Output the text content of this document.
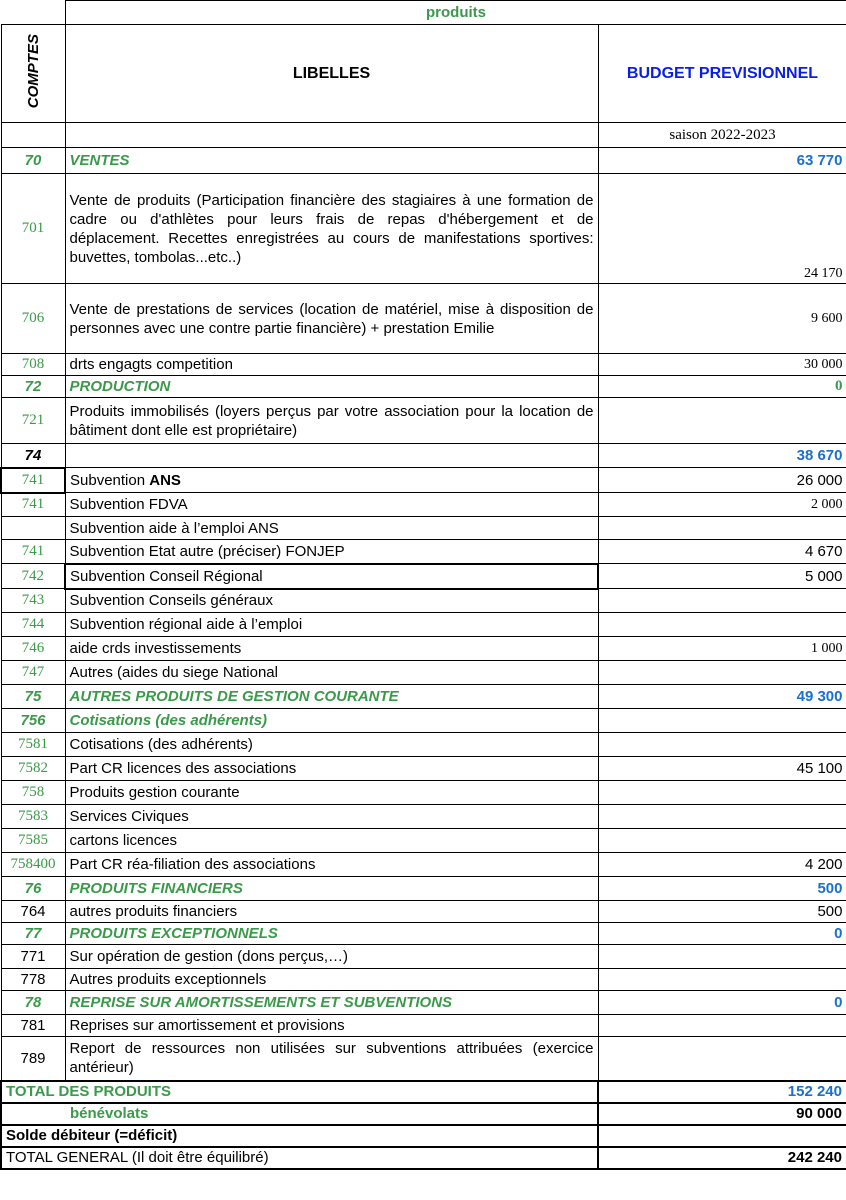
	produits	
COMPTES	LIBELLES	BUDGET PREVISIONNEL
		saison 2022-2023
70	VENTES	63 770
701	Vente de produits (Participation financière des stagiaires à une formation de cadre ou d'athlètes pour leurs frais de repas d'hébergement et de déplacement. Recettes enregistrées au cours de manifestations sportives: buvettes, tombolas...etc..)	24 170
706	Vente de prestations de services (location de matériel, mise à disposition de personnes avec une contre partie financière) + prestation Emilie	9 600
708	drts engagts competition	30 000
72	PRODUCTION	0
721	Produits immobilisés (loyers perçus par votre association pour la location de bâtiment dont elle est propriétaire)	
74		38 670
741	Subvention ANS	26 000
741	Subvention FDVA	2 000
	Subvention aide à l’emploi ANS	
741	Subvention Etat autre (préciser) FONJEP	4 670
742	Subvention Conseil Régional	5 000
743	Subvention Conseils généraux	
744	Subvention régional aide à l’emploi	
746	aide crds investissements	1 000
747	Autres (aides du siege National	
75	AUTRES PRODUITS DE GESTION COURANTE	49 300
756	Cotisations (des adhérents)	
7581	Cotisations (des adhérents)	
7582	Part CR licences des associations	45 100
758	Produits gestion courante	
7583	Services Civiques	
7585	cartons licences	
758400	Part CR réa-filiation des associations	4 200
76	PRODUITS FINANCIERS	500
764	autres produits financiers	500
77	PRODUITS EXCEPTIONNELS	0
771	Sur opération de gestion (dons perçus,…)	
778	Autres produits exceptionnels	
78	REPRISE SUR AMORTISSEMENTS ET SUBVENTIONS	0
781	Reprises sur amortissement et provisions	
789	Report de ressources non utilisées sur subventions attribuées (exercice antérieur)	
TOTAL DES PRODUITS		152 240
bénévolats		90 000
Solde débiteur (=déficit)		
TOTAL GENERAL (Il doit être équilibré)		242 240
